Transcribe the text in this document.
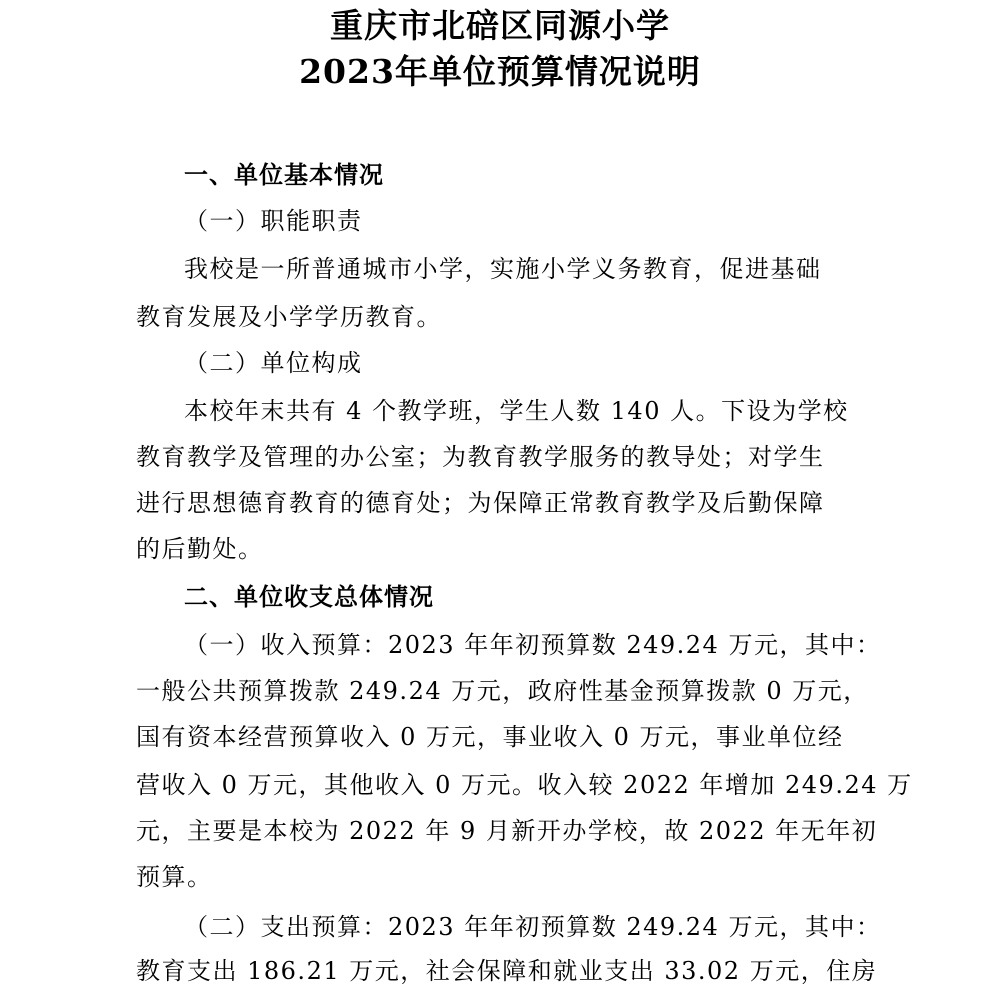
重庆市北碚区同源小学
2023年单位预算情况说明
一、单位基本情况
（一）职能职责
我校是一所普通城市小学，实施小学义务教育，促进基础
教育发展及小学学历教育。
（二）单位构成
本校年末共有 4 个教学班，学生人数 140 人。下设为学校
教育教学及管理的办公室；为教育教学服务的教导处；对学生
进行思想德育教育的德育处；为保障正常教育教学及后勤保障
的后勤处。
二、单位收支总体情况
（一）收入预算：2023 年年初预算数 249.24 万元，其中：
一般公共预算拨款 249.24 万元，政府性基金预算拨款 0 万元，
国有资本经营预算收入 0 万元，事业收入 0 万元，事业单位经
营收入 0 万元，其他收入 0 万元。收入较 2022 年增加 249.24 万
元，主要是本校为 2022 年 9 月新开办学校，故 2022 年无年初
预算。
（二）支出预算：2023 年年初预算数 249.24 万元，其中：
教育支出 186.21 万元，社会保障和就业支出 33.02 万元，住房
